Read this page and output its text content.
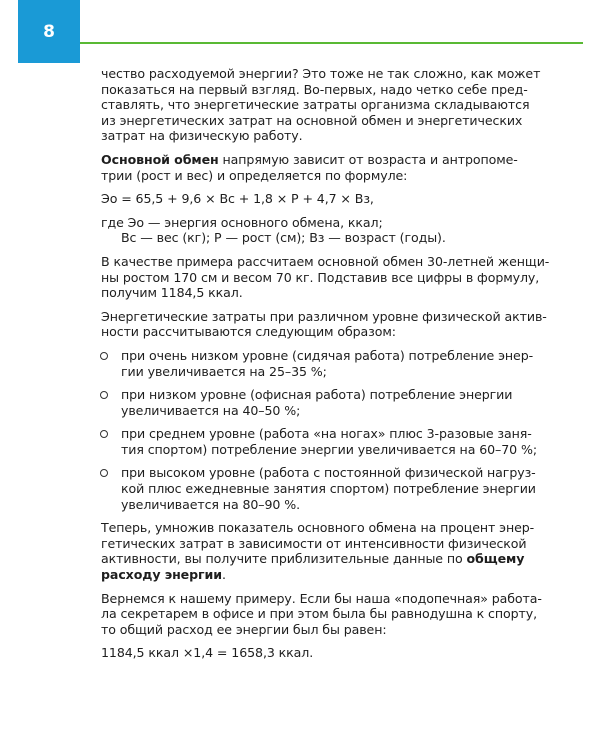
8

чество расходуемой энергии? Это тоже не так сложно, как может
показаться на первый взгляд. Во-первых, надо четко себе пред-
ставлять, что энергетические затраты организма складываются
из энергетических затрат на основной обмен и энергетических
затрат на физическую работу.

Основной обмен напрямую зависит от возраста и антропоме-
трии (рост и вес) и определяется по формуле:

Эо = 65,5 + 9,6 × Вс + 1,8 × Р + 4,7 × Вз,

где Эо — энергия основного обмена, ккал;
Вс — вес (кг); Р — рост (см); Вз — возраст (годы).

В качестве примера рассчитаем основной обмен 30-летней женщи-
ны ростом 170 см и весом 70 кг. Подставив все цифры в формулу,
получим 1184,5 ккал.

Энергетические затраты при различном уровне физической актив-
ности рассчитываются следующим образом:

при очень низком уровне (сидячая работа) потребление энер-
гии увеличивается на 25–35 %;
при низком уровне (офисная работа) потребление энергии
увеличивается на 40–50 %;
при среднем уровне (работа «на ногах» плюс 3-разовые заня-
тия спортом) потребление энергии увеличивается на 60–70 %;
при высоком уровне (работа с постоянной физической нагруз-
кой плюс ежедневные занятия спортом) потребление энергии
увеличивается на 80–90 %.

Теперь, умножив показатель основного обмена на процент энер-
гетических затрат в зависимости от интенсивности физической
активности, вы получите приблизительные данные по общему
расходу энергии.

Вернемся к нашему примеру. Если бы наша «подопечная» работа-
ла секретарем в офисе и при этом была бы равнодушна к спорту,
то общий расход ее энергии был бы равен:

1184,5 ккал ×1,4 = 1658,3 ккал.
